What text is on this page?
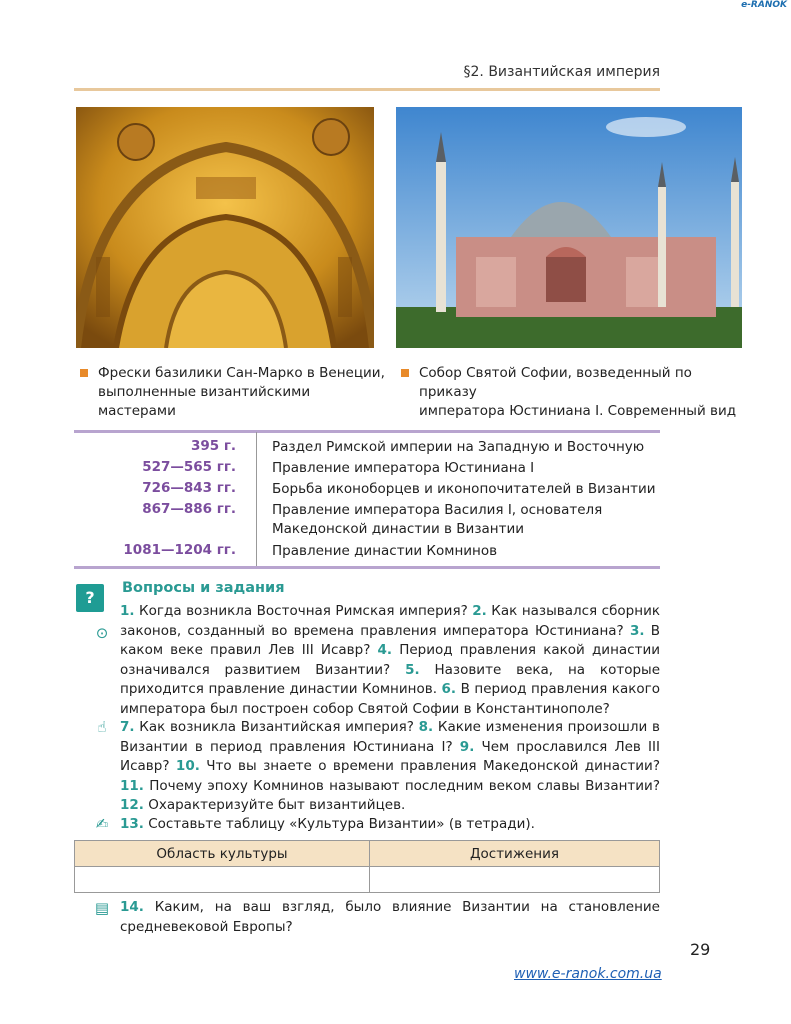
e-RANOK
§2. Византийская империя
Фрески базилики Сан-Марко в Венеции,
выполненные византийскими мастерами
Собор Святой Софии, возведенный по приказу
императора Юстиниана I. Современный вид
395 г.	Раздел Римской империи на Западную и Восточную
527—565 гг.	Правление императора Юстиниана I
726—843 гг.	Борьба иконоборцев и иконопочитателей в Византии
867—886 гг.	Правление императора Василия I, основателя
Македонской династии в Византии
1081—1204 гг.	Правление династии Комнинов
?	Вопросы и задания
⊙
1. Когда возникла Восточная Римская империя? 2. Как назывался сборник законов, созданный во времена правления императора Юстиниана? 3. В каком веке правил Лев III Исавр? 4. Период правления какой династии означивался развитием Византии? 5. Назовите века, на которые приходится правление династии Комнинов. 6. В период правления какого императора был построен собор Святой Софии в Константинополе?
☝ 7. Как возникла Византийская империя? 8. Какие изменения произошли в Византии в период правления Юстиниана I? 9. Чем прославился Лев III Исавр? 10. Что вы знаете о времени правления Македонской династии? 11. Почему эпоху Комнинов называют последним веком славы Византии? 12. Охарактеризуйте быт византийцев.
✍ 13. Составьте таблицу «Культура Византии» (в тетради).
Область культуры	Достижения

▤ 14. Каким, на ваш взгляд, было влияние Византии на становление средневековой Европы?
29
www.e-ranok.com.ua
